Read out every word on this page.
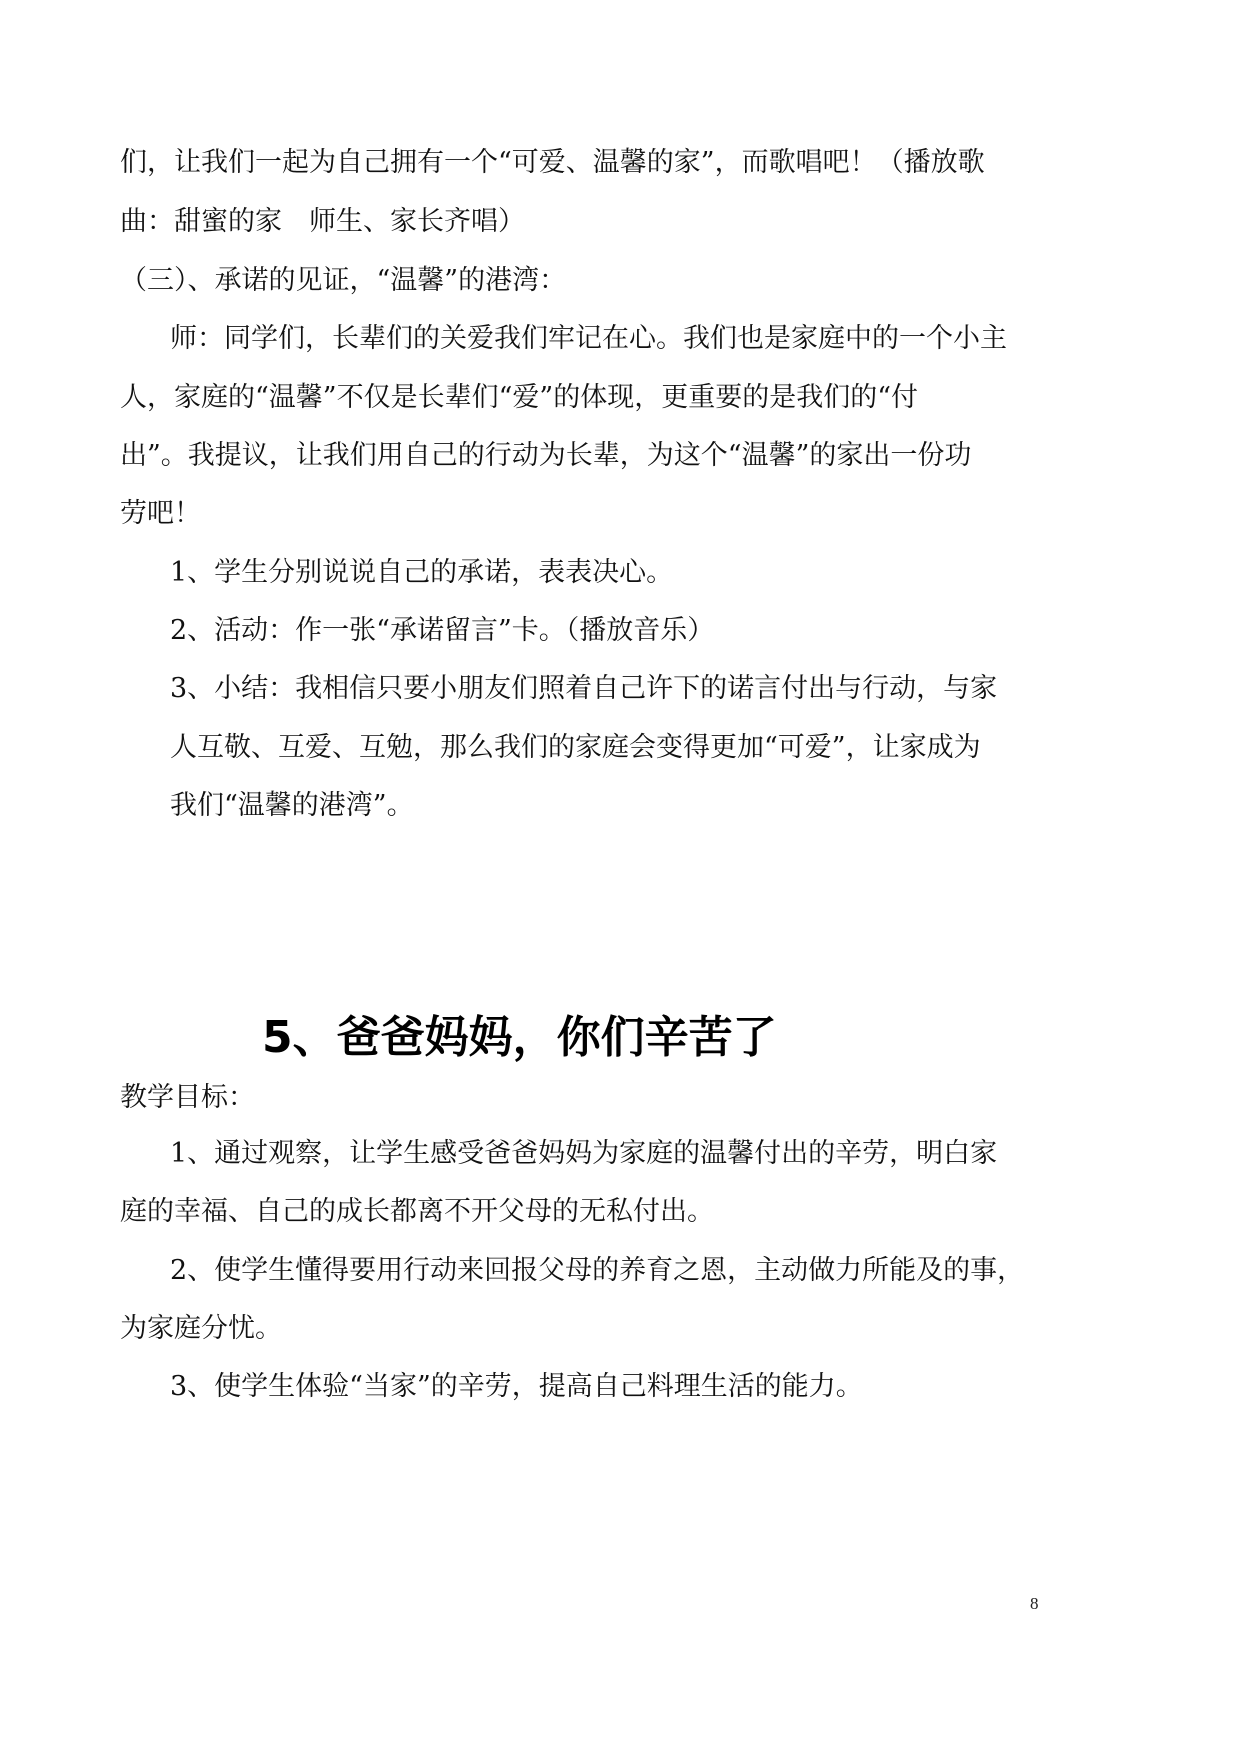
们，让我们一起为自己拥有一个“可爱、温馨的家”，而歌唱吧！（播放歌
曲：甜蜜的家　师生、家长齐唱）
（三）、承诺的见证，“温馨”的港湾：
师：同学们，长辈们的关爱我们牢记在心。我们也是家庭中的一个小主
人，家庭的“温馨”不仅是长辈们“爱”的体现，更重要的是我们的“付
出”。我提议，让我们用自己的行动为长辈，为这个“温馨”的家出一份功
劳吧！
1、学生分别说说自己的承诺，表表决心。
2、活动：作一张“承诺留言”卡。（播放音乐）
3、小结：我相信只要小朋友们照着自己许下的诺言付出与行动，与家
人互敬、互爱、互勉，那么我们的家庭会变得更加“可爱”，让家成为
我们“温馨的港湾”。
5、爸爸妈妈，你们辛苦了
教学目标：
1、通过观察，让学生感受爸爸妈妈为家庭的温馨付出的辛劳，明白家
庭的幸福、自己的成长都离不开父母的无私付出。
2、使学生懂得要用行动来回报父母的养育之恩，主动做力所能及的事，
为家庭分忧。
3、使学生体验“当家”的辛劳，提高自己料理生活的能力。
8
